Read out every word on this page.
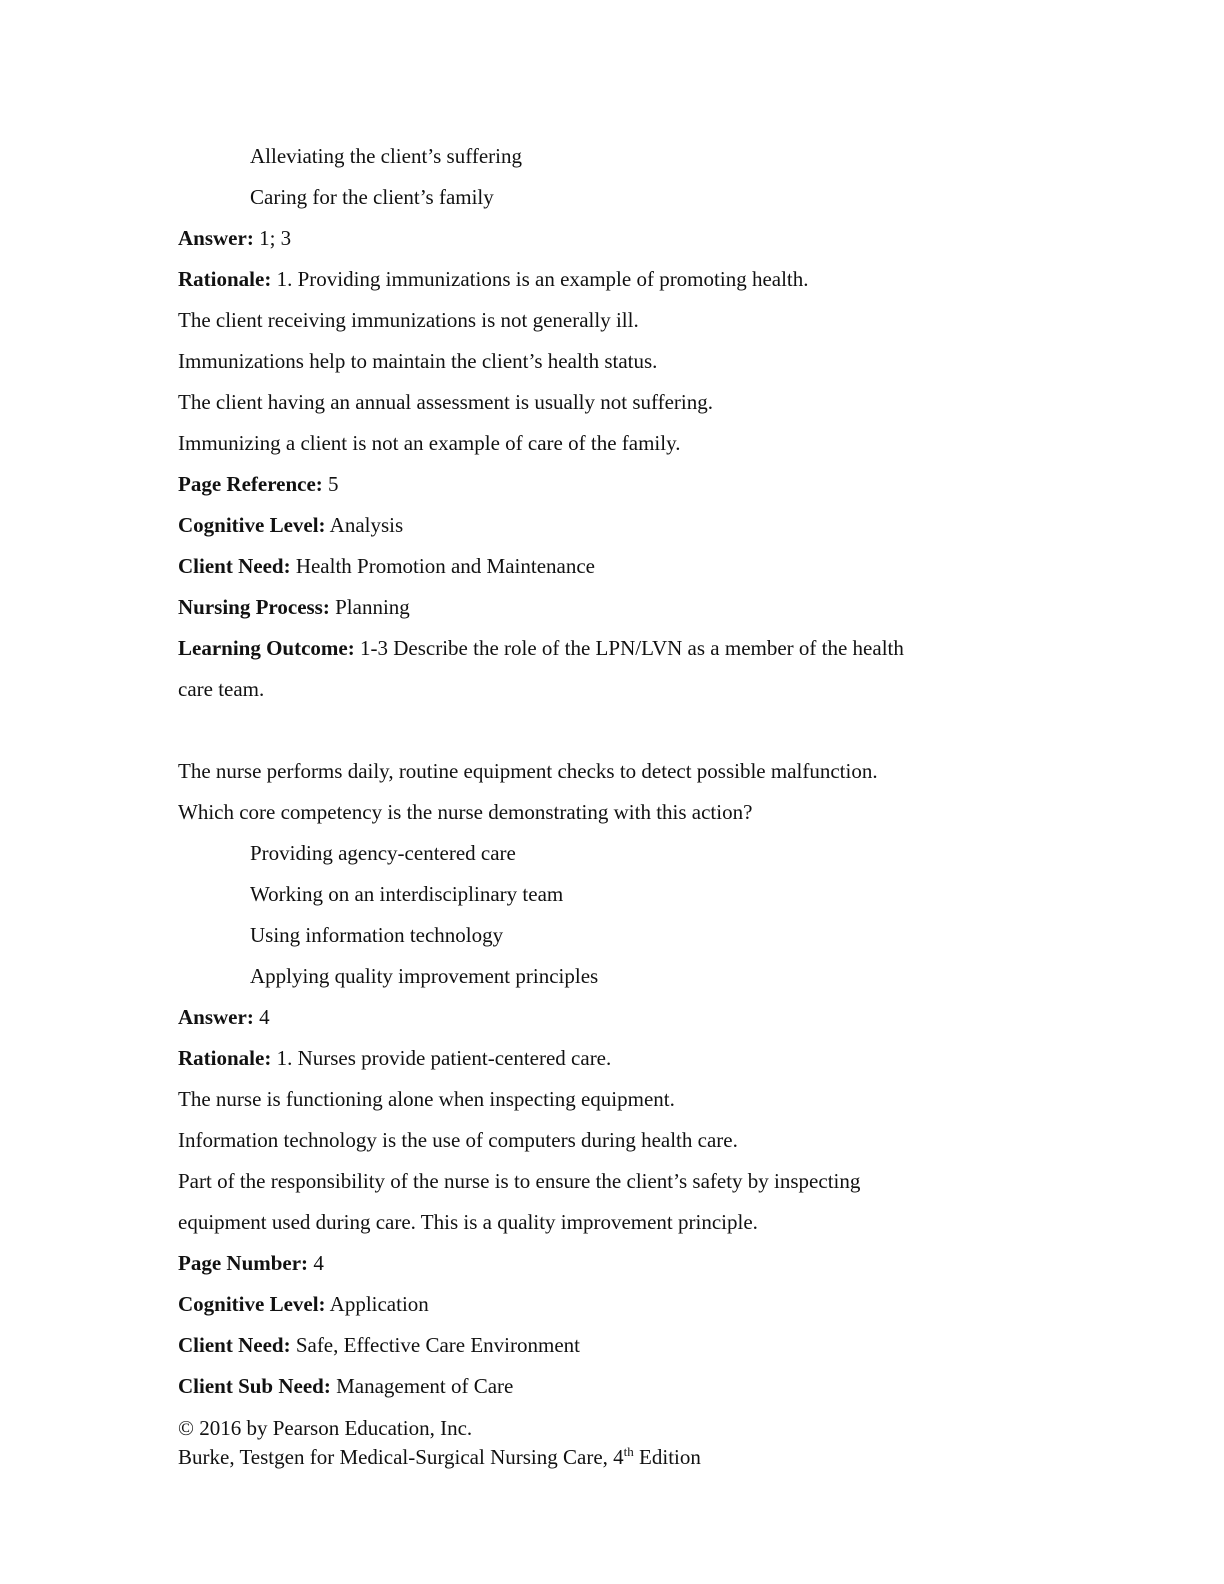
Alleviating the client’s suffering
Caring for the client’s family
Answer: 1; 3
Rationale: 1. Providing immunizations is an example of promoting health.
The client receiving immunizations is not generally ill.
Immunizations help to maintain the client’s health status.
The client having an annual assessment is usually not suffering.
Immunizing a client is not an example of care of the family.
Page Reference: 5
Cognitive Level: Analysis
Client Need: Health Promotion and Maintenance
Nursing Process: Planning
Learning Outcome: 1-3 Describe the role of the LPN/LVN as a member of the health
care team.
The nurse performs daily, routine equipment checks to detect possible malfunction.
Which core competency is the nurse demonstrating with this action?
Providing agency-centered care
Working on an interdisciplinary team
Using information technology
Applying quality improvement principles
Answer: 4
Rationale: 1. Nurses provide patient-centered care.
The nurse is functioning alone when inspecting equipment.
Information technology is the use of computers during health care.
Part of the responsibility of the nurse is to ensure the client’s safety by inspecting
equipment used during care. This is a quality improvement principle.
Page Number: 4
Cognitive Level: Application
Client Need: Safe, Effective Care Environment
Client Sub Need: Management of Care
© 2016 by Pearson Education, Inc.
Burke, Testgen for Medical-Surgical Nursing Care, 4th Edition
